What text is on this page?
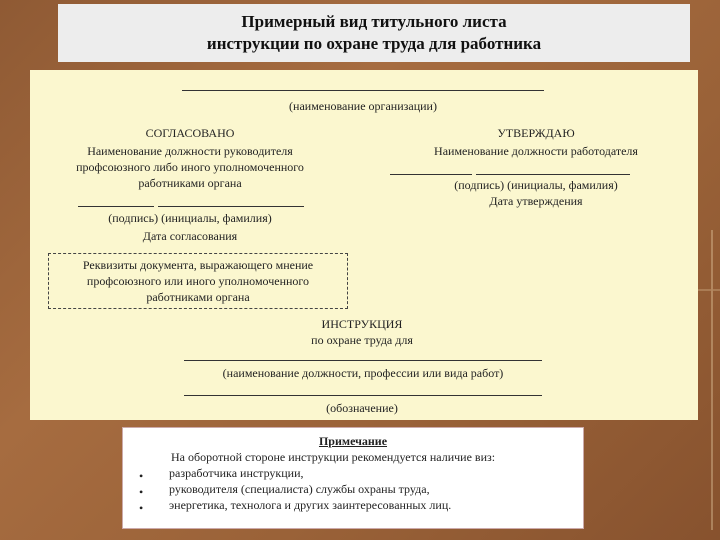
Примерный вид титульного листа
инструкции по охране труда для работника
(наименование организации)
СОГЛАСОВАНО
Наименование должности руководителя
профсоюзного либо иного уполномоченного
работниками органа
(подпись) (инициалы, фамилия)
Дата согласования
УТВЕРЖДАЮ
Наименование должности работодателя
(подпись) (инициалы, фамилия)
Дата утверждения
Реквизиты документа, выражающего мнение
профсоюзного или иного уполномоченного
работниками органа
ИНСТРУКЦИЯ
по охране труда для
(наименование должности, профессии или вида работ)
(обозначение)
Примечание
На оборотной стороне инструкции рекомендуется наличие виз:
• разработчика инструкции,
• руководителя (специалиста) службы охраны труда,
• энергетика, технолога и других заинтересованных лиц.
